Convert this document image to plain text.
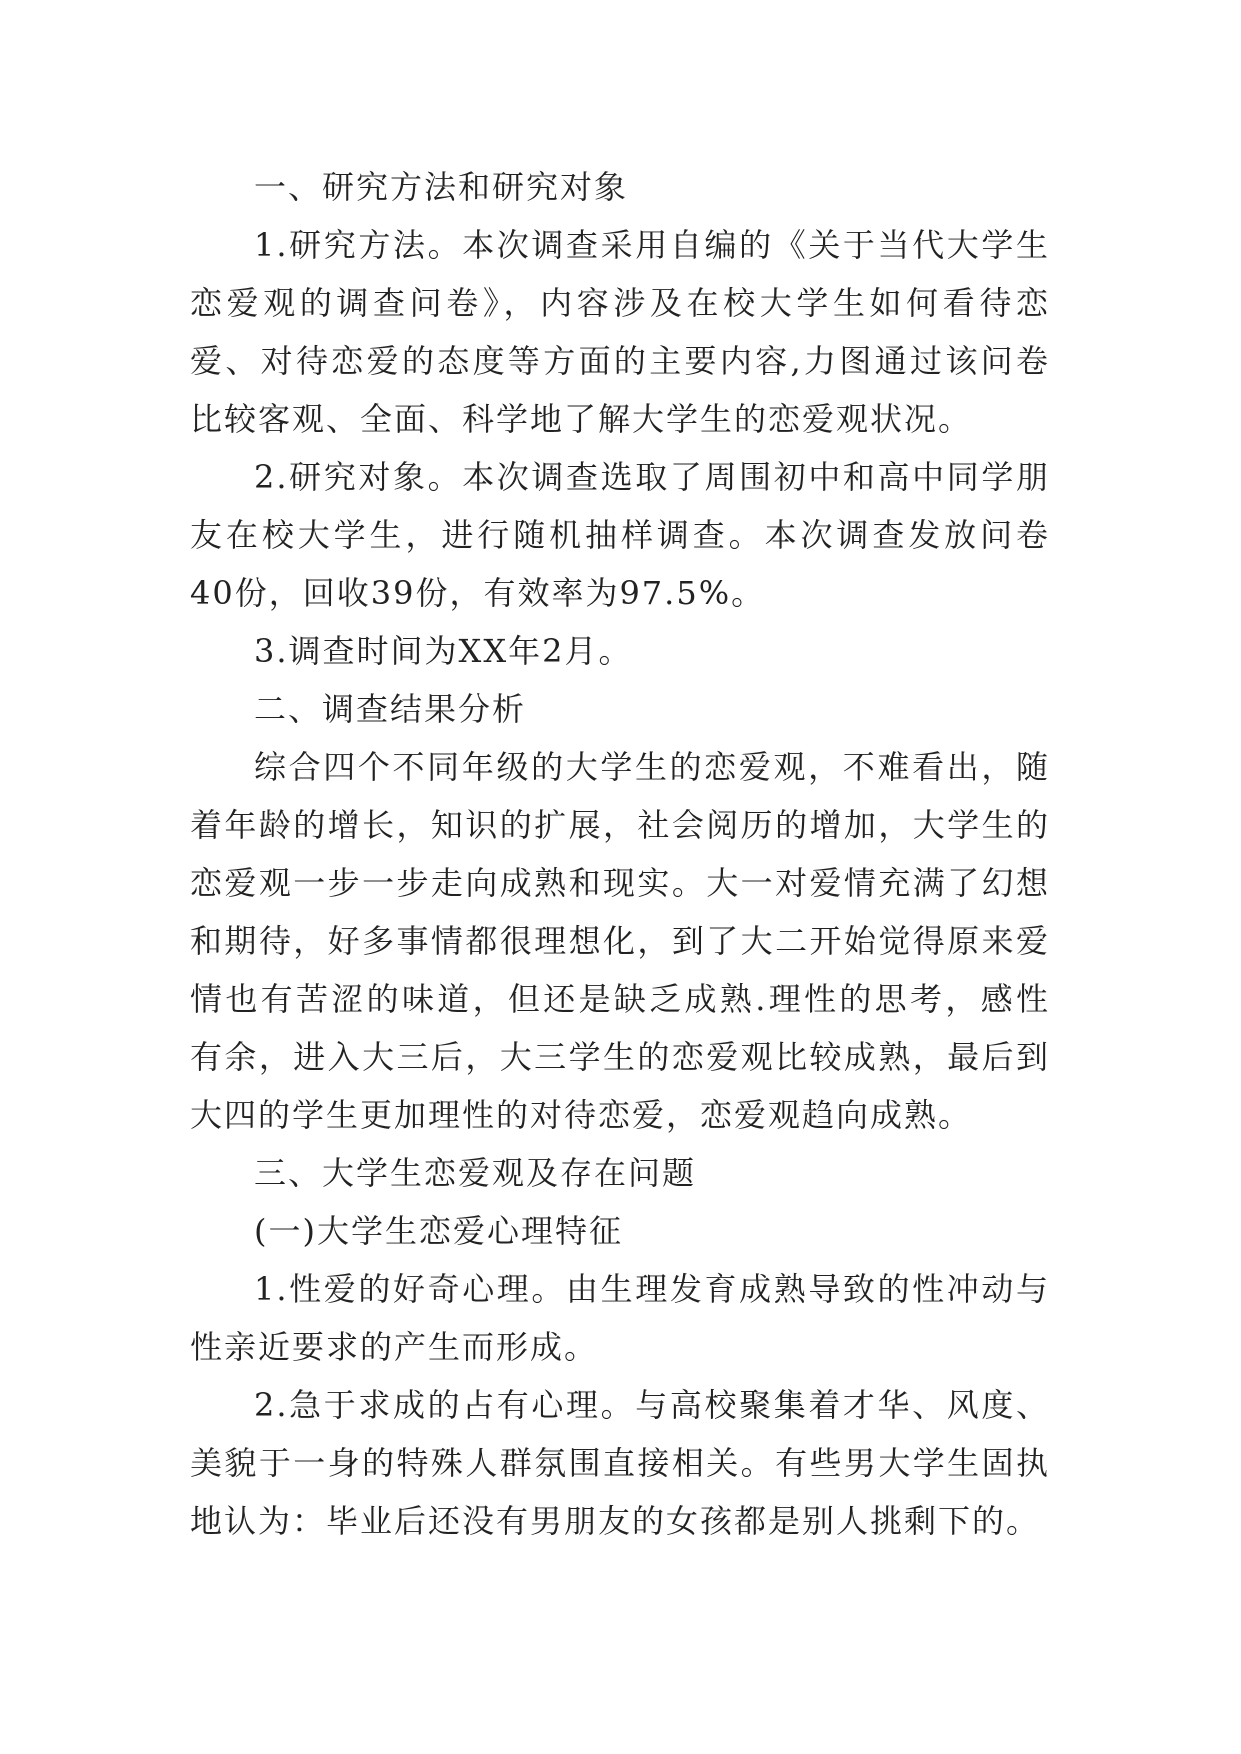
一、研究方法和研究对象

1.研究方法。本次调查采用自编的《关于当代大学生恋爱观的调查问卷》，内容涉及在校大学生如何看待恋爱、对待恋爱的态度等方面的主要内容,力图通过该问卷比较客观、全面、科学地了解大学生的恋爱观状况。

2.研究对象。本次调查选取了周围初中和高中同学朋友在校大学生，进行随机抽样调查。本次调查发放问卷40份，回收39份，有效率为97.5%。

3.调查时间为XX年2月。

二、调查结果分析

综合四个不同年级的大学生的恋爱观，不难看出，随着年龄的增长，知识的扩展，社会阅历的增加，大学生的恋爱观一步一步走向成熟和现实。大一对爱情充满了幻想和期待，好多事情都很理想化，到了大二开始觉得原来爱情也有苦涩的味道，但还是缺乏成熟.理性的思考，感性有余，进入大三后，大三学生的恋爱观比较成熟，最后到大四的学生更加理性的对待恋爱，恋爱观趋向成熟。

三、大学生恋爱观及存在问题

(一)大学生恋爱心理特征

1.性爱的好奇心理。由生理发育成熟导致的性冲动与性亲近要求的产生而形成。

2.急于求成的占有心理。与高校聚集着才华、风度、美貌于一身的特殊人群氛围直接相关。有些男大学生固执地认为：毕业后还没有男朋友的女孩都是别人挑剩下的。
